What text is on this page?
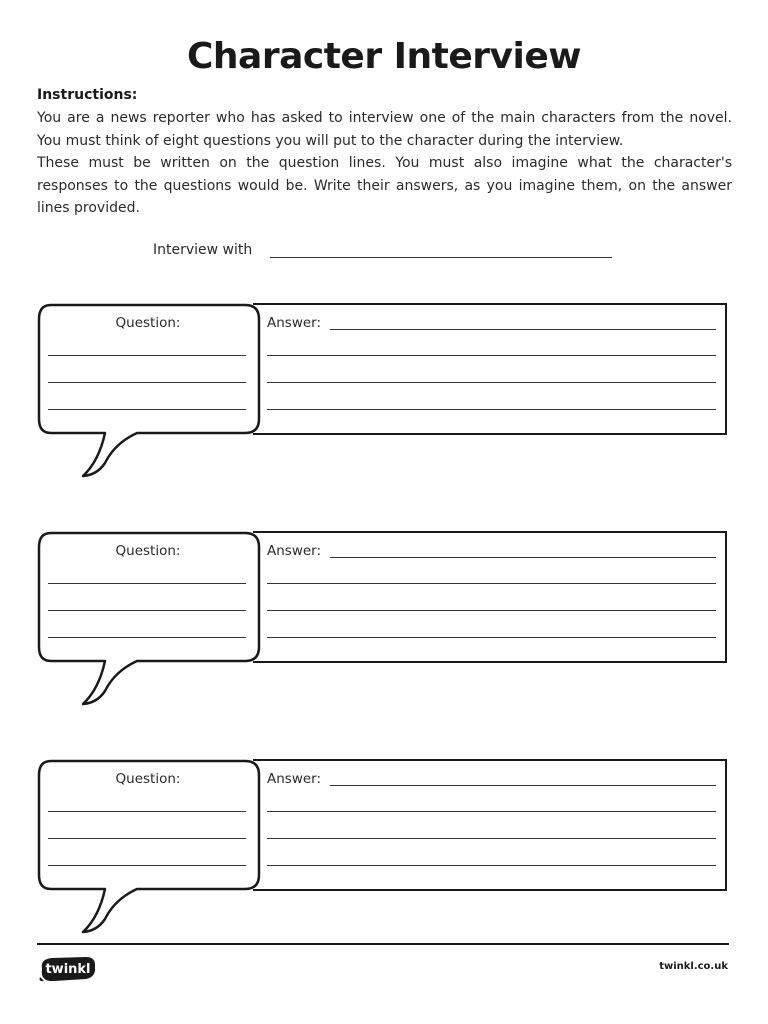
Character Interview
Instructions:
You are a news reporter who has asked to interview one of the main characters from the novel. You must think of eight questions you will put to the character during the interview.
These must be written on the question lines. You must also imagine what the character's responses to the questions would be. Write their answers, as you imagine them, on the answer lines provided.
Interview with
Question:	Answer:
Question:	Answer:
Question:	Answer:
twinkl	twinkl.co.uk
